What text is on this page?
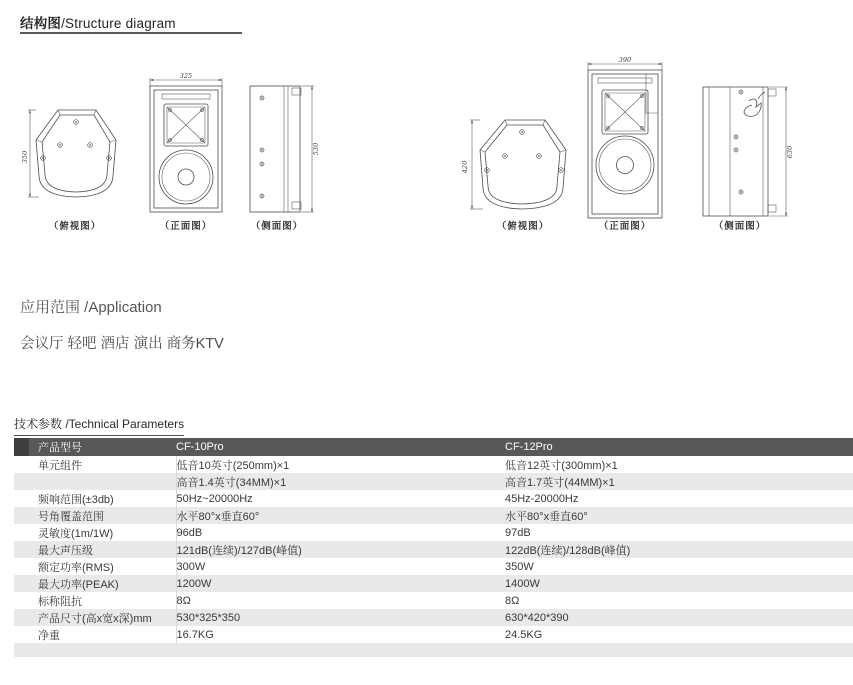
结构图/Structure diagram
350
325
530
（俯视图）	（正面图）	（侧面图）
420
390
630
（俯视图）	（正面图）	（侧面图）
应用范围 /Application
会议厅 轻吧 酒店 演出 商务KTV
技术参数 /Technical Parameters
产品型号	CF-10Pro	CF-12Pro
单元组件	低音10英寸(250mm)×1	低音12英寸(300mm)×1
	高音1.4英寸(34MM)×1	高音1.7英寸(44MM)×1
频响范围(±3db)	50Hz~20000Hz	45Hz-20000Hz
号角覆盖范围	水平80°x垂直60°	水平80°x垂直60°
灵敏度(1m/1W)	96dB	97dB
最大声压级	121dB(连续)/127dB(峰值)	122dB(连续)/128dB(峰值)
额定功率(RMS)	300W	350W
最大功率(PEAK)	1200W	1400W
标称阻抗	8Ω	8Ω
产品尺寸(高x宽x深)mm	530*325*350	630*420*390
净重	16.7KG	24.5KG
